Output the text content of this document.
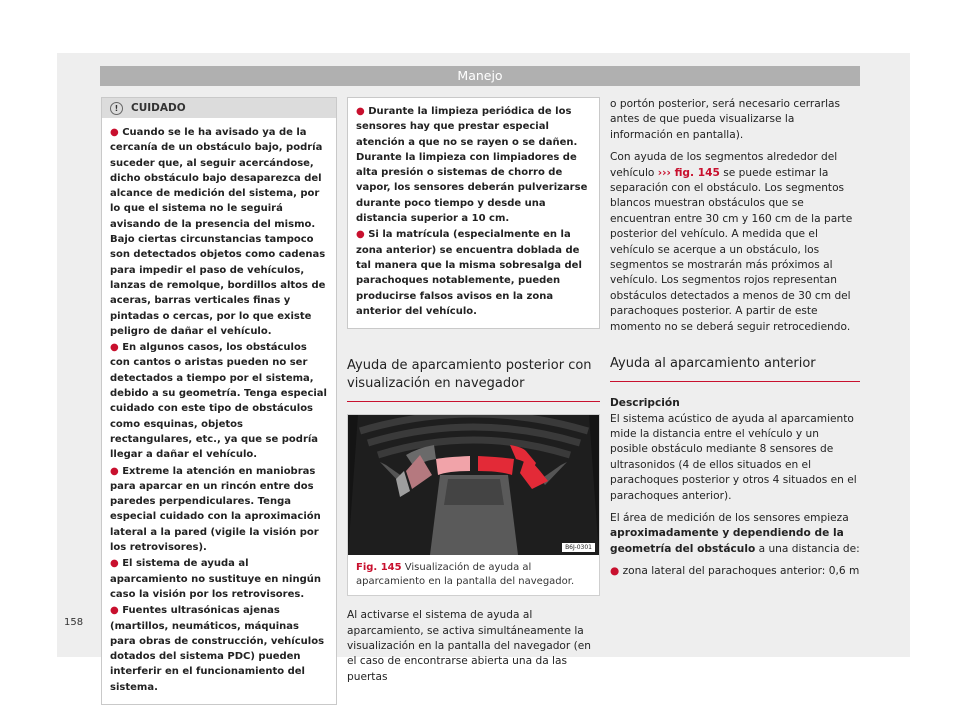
Manejo
!	CUIDADO

● Cuando se le ha avisado ya de la cercanía de un obstáculo bajo, podría suceder que, al seguir acercándose, dicho obstáculo bajo desaparezca del alcance de medición del sistema, por lo que el sistema no le seguirá avisando de la presencia del mismo. Bajo ciertas circunstancias tampoco son detectados objetos como cadenas para impedir el paso de vehículos, lanzas de remolque, bordillos altos de aceras, barras verticales finas y pintadas o cercas, por lo que existe peligro de dañar el vehículo.

● En algunos casos, los obstáculos con cantos o aristas pueden no ser detectados a tiempo por el sistema, debido a su geometría. Tenga especial cuidado con este tipo de obstáculos como esquinas, objetos rectangulares, etc., ya que se podría llegar a dañar el vehículo.

● Extreme la atención en maniobras para aparcar en un rincón entre dos paredes perpendiculares. Tenga especial cuidado con la aproximación lateral a la pared (vigile la visión por los retrovisores).

● El sistema de ayuda al aparcamiento no sustituye en ningún caso la visión por los retrovisores.

● Fuentes ultrasónicas ajenas (martillos, neumáticos, máquinas para obras de construcción, vehículos dotados del sistema PDC) pueden interferir en el funcionamiento del sistema.

● Durante la limpieza periódica de los sensores hay que prestar especial atención a que no se rayen o se dañen. Durante la limpieza con limpiadores de alta presión o sistemas de chorro de vapor, los sensores deberán pulverizarse durante poco tiempo y desde una distancia superior a 10 cm.

● Si la matrícula (especialmente en la zona anterior) se encuentra doblada de tal manera que la misma sobresalga del parachoques notablemente, pueden producirse falsos avisos en la zona anterior del vehículo.

Ayuda de aparcamiento posterior con visualización en navegador
B6J-0301
Fig. 145 Visualización de ayuda al aparcamiento en la pantalla del navegador.
Al activarse el sistema de ayuda al aparcamiento, se activa simultáneamente la visualización en la pantalla del navegador (en el caso de encontrarse abierta una da las puertas

o portón posterior, será necesario cerrarlas antes de que pueda visualizarse la información en pantalla).

Con ayuda de los segmentos alrededor del vehículo ››› fig. 145 se puede estimar la separación con el obstáculo. Los segmentos blancos muestran obstáculos que se encuentran entre 30 cm y 160 cm de la parte posterior del vehículo. A medida que el vehículo se acerque a un obstáculo, los segmentos se mostrarán más próximos al vehículo. Los segmentos rojos representan obstáculos detectados a menos de 30 cm del parachoques posterior. A partir de este momento no se deberá seguir retrocediendo.

Ayuda al aparcamiento anterior
Descripción

El sistema acústico de ayuda al aparcamiento mide la distancia entre el vehículo y un posible obstáculo mediante 8 sensores de ultrasonidos (4 de ellos situados en el parachoques posterior y otros 4 situados en el parachoques anterior).

El área de medición de los sensores empieza aproximadamente y dependiendo de la geometría del obstáculo a una distancia de:

● zona lateral del parachoques anterior: 0,6 m

158
